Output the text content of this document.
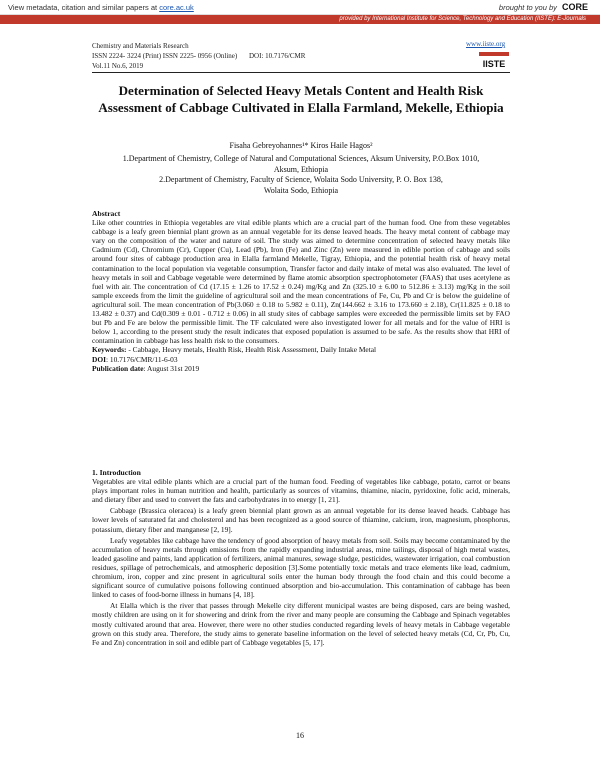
View metadata, citation and similar papers at core.ac.uk	brought to you by CORE
provided by International Institute for Science, Technology and Education (IISTE): E-Journals
Chemistry and Materials Research
ISSN 2224- 3224 (Print) ISSN 2225- 0956 (Online) DOI: 10.7176/CMR
Vol.11 No.6, 2019
www.iiste.org
IISTE
Determination of Selected Heavy Metals Content and Health Risk Assessment of Cabbage Cultivated in Elalla Farmland, Mekelle, Ethiopia
Fisaha Gebreyohannes¹* Kiros Haile Hagos²
1.Department of Chemistry, College of Natural and Computational Sciences, Aksum University, P.O.Box 1010,
Aksum, Ethiopia
2.Department of Chemistry, Faculty of Science, Wolaita Sodo University, P. O. Box 138,
Wolaita Sodo, Ethiopia
Abstract

Like other countries in Ethiopia vegetables are vital edible plants which are a crucial part of the human food. One from these vegetables cabbage is a leafy green biennial plant grown as an annual vegetable for its dense leaved heads. The heavy metal content of cabbage may vary on the composition of the water and nature of soil. The study was aimed to determine concentration of selected heavy metals like Cadmium (Cd), Chromium (Cr), Cupper (Cu), Lead (Pb), Iron (Fe) and Zinc (Zn) were measured in edible portion of cabbage and soils around four sites of cabbage production area in Elalla farmland Mekelle, Tigray, Ethiopia, and the potential health risk of heavy metal contamination to the local population via vegetable consumption, Transfer factor and daily intake of metal was also evaluated. The level of heavy metals in soil and Cabbage vegetable were determined by flame atomic absorption spectrophotometer (FAAS) that uses acetylene as fuel with air. The concentration of Cd (17.15 ± 1.26 to 17.52 ± 0.24) mg/Kg and Zn (325.10 ± 6.00 to 512.86 ± 3.13) mg/Kg in the soil sample exceeds from the limit the guideline of agricultural soil and the mean concentrations of Fe, Cu, Pb and Cr is below the guideline of agricultural soil. The mean concentration of Pb(3.060 ± 0.18 to 5.982 ± 0.11), Zn(144.662 ± 3.16 to 173.660 ± 2.18), Cr(11.825 ± 0.18 to 13.482 ± 0.37) and Cd(0.309 ± 0.01 - 0.712 ± 0.06) in all study sites of cabbage samples were exceeded the permissible limits set by FAO but Pb and Fe are below the permissible limit. The TF calculated were also investigated lower for all metals and for the value of HRI is below 1, according to the present study the result indicates that exposed population is assumed to be safe. As the results show that HRI of contamination in cabbage has less health risk to the consumers.

Keywords: - Cabbage, Heavy metals, Health Risk, Health Risk Assessment, Daily Intake Metal

DOI: 10.7176/CMR/11-6-03

Publication date: August 31st 2019

1. Introduction

Vegetables are vital edible plants which are a crucial part of the human food. Feeding of vegetables like cabbage, potato, carrot or beans plays important roles in human nutrition and health, particularly as sources of vitamins, thiamine, niacin, pyridoxine, folic acid, minerals, and dietary fiber and used to convert the fats and carbohydrates in to energy [1, 21].

Cabbage (Brassica oleracea) is a leafy green biennial plant grown as an annual vegetable for its dense leaved heads. Cabbage has lower levels of saturated fat and cholesterol and has been recognized as a good source of thiamine, calcium, iron, magnesium, phosphorus, potassium, dietary fiber and manganese [2, 19].

Leafy vegetables like cabbage have the tendency of good absorption of heavy metals from soil. Soils may become contaminated by the accumulation of heavy metals through emissions from the rapidly expanding industrial areas, mine tailings, disposal of high metal wastes, leaded gasoline and paints, land application of fertilizers, animal manures, sewage sludge, pesticides, wastewater irrigation, coal combustion residues, spillage of petrochemicals, and atmospheric deposition [3].Some potentially toxic metals and trace elements like lead, cadmium, chromium, iron, copper and zinc present in agricultural soils enter the human body through the food chain and this could become a significant source of cumulative poisons following continued absorption and bio-accumulation. This contamination of cabbage has been linked to cases of food-borne illness in humans [4, 18].

At Elalla which is the river that passes through Mekelle city different municipal wastes are being disposed, cars are being washed, mostly children are using on it for showering and drink from the river and many people are consuming the Cabbage and Spinach vegetables mostly cultivated around that area. However, there were no other studies conducted regarding levels of heavy metals in Cabbage vegetable grown on this study area. Therefore, the study aims to generate baseline information on the level of selected heavy metals (Cd, Cr, Pb, Cu, Fe and Zn) concentration in soil and edible part of Cabbage vegetables [5, 17].

16
